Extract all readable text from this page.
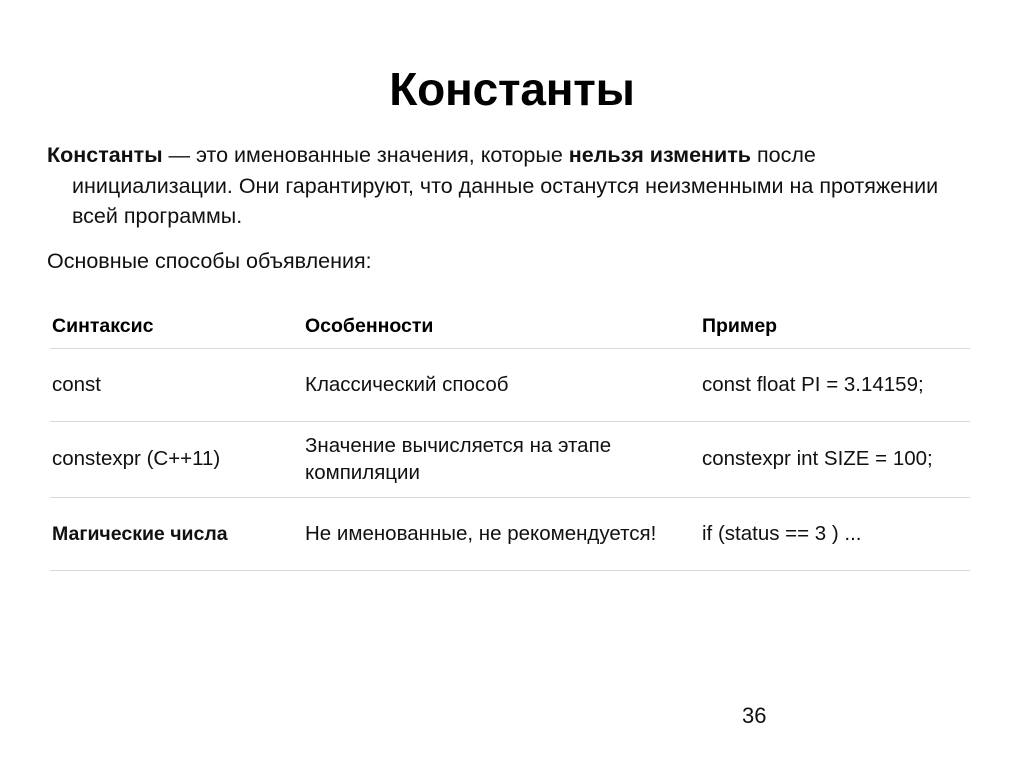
Константы

Константы — это именованные значения, которые нельзя изменить после инициализации. Они гарантируют, что данные останутся неизменными на протяжении всей программы.

Основные способы объявления:

Синтаксис	Особенности	Пример
const	Классический способ	const float PI = 3.14159;
constexpr (C++11)	Значение вычисляется на этапе компиляции	constexpr int SIZE = 100;
Магические числа	Не именованные, не рекомендуется!	if (status == 3 ) ...
36
